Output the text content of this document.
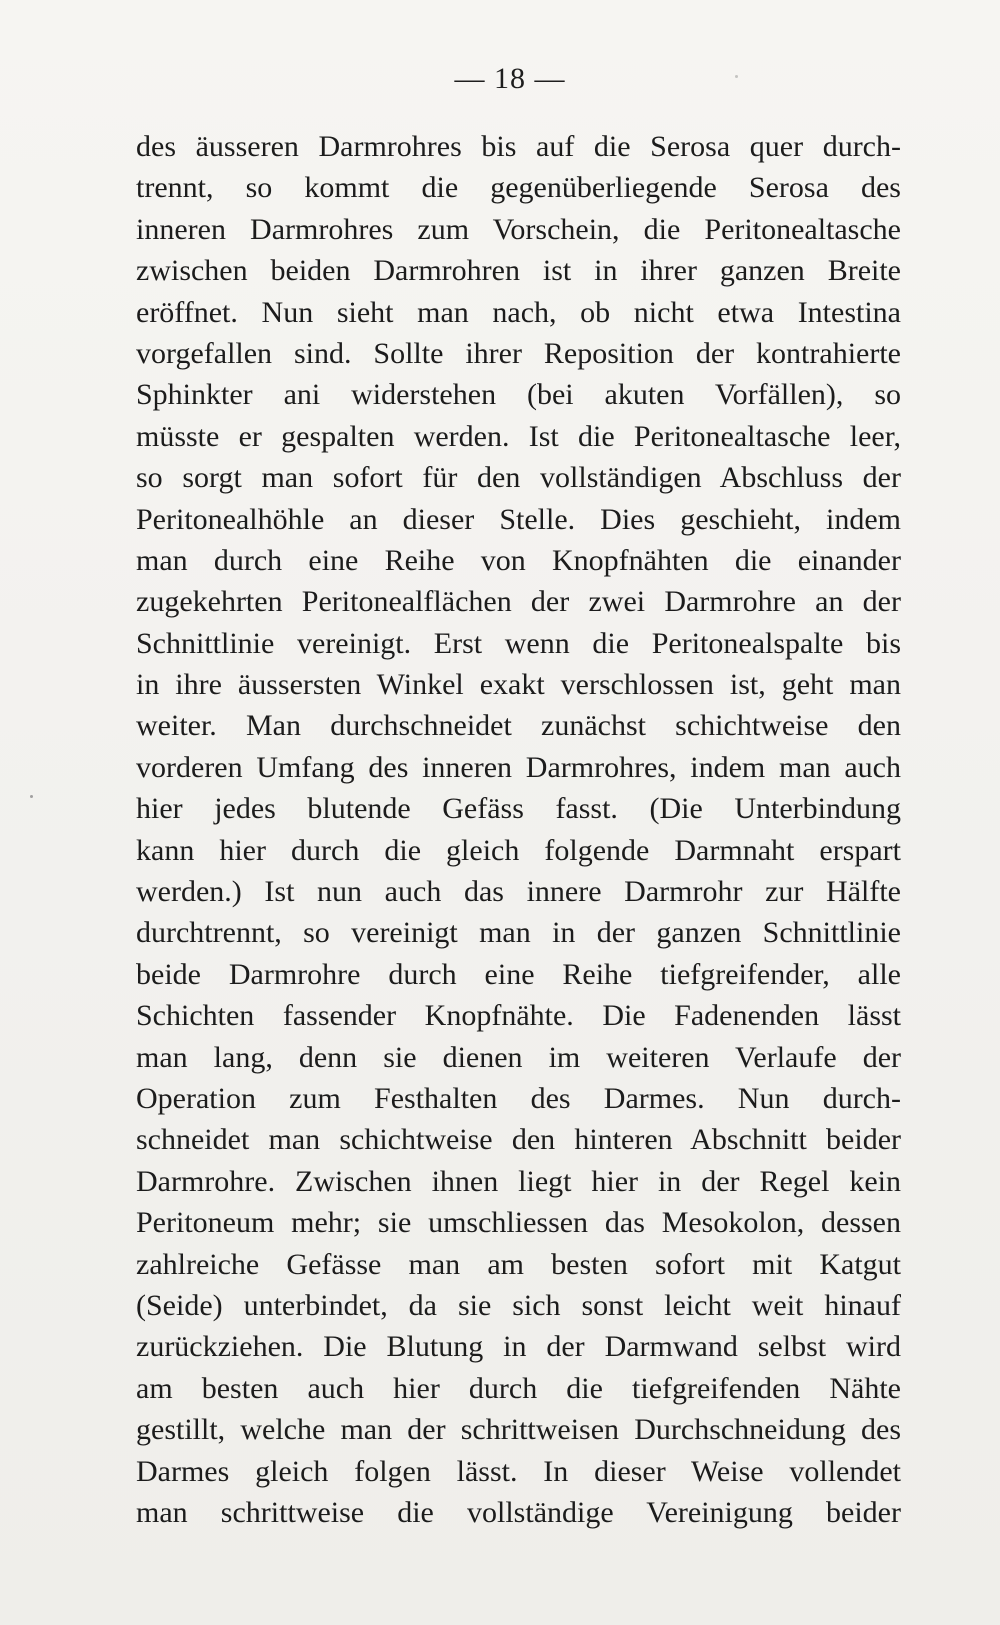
— 18 —
des äusseren Darmrohres bis auf die Serosa quer durch-
trennt, so kommt die gegenüberliegende Serosa des
inneren Darmrohres zum Vorschein, die Peritonealtasche
zwischen beiden Darmrohren ist in ihrer ganzen Breite
eröffnet. Nun sieht man nach, ob nicht etwa Intestina
vorgefallen sind. Sollte ihrer Reposition der kontrahierte
Sphinkter ani widerstehen (bei akuten Vorfällen), so
müsste er gespalten werden. Ist die Peritonealtasche leer,
so sorgt man sofort für den vollständigen Abschluss der
Peritonealhöhle an dieser Stelle. Dies geschieht, indem
man durch eine Reihe von Knopfnähten die einander
zugekehrten Peritonealflächen der zwei Darmrohre an der
Schnittlinie vereinigt. Erst wenn die Peritonealspalte bis
in ihre äussersten Winkel exakt verschlossen ist, geht man
weiter. Man durchschneidet zunächst schichtweise den
vorderen Umfang des inneren Darmrohres, indem man auch
hier jedes blutende Gefäss fasst. (Die Unterbindung
kann hier durch die gleich folgende Darmnaht erspart
werden.) Ist nun auch das innere Darmrohr zur Hälfte
durchtrennt, so vereinigt man in der ganzen Schnittlinie
beide Darmrohre durch eine Reihe tiefgreifender, alle
Schichten fassender Knopfnähte. Die Fadenenden lässt
man lang, denn sie dienen im weiteren Verlaufe der
Operation zum Festhalten des Darmes. Nun durch-
schneidet man schichtweise den hinteren Abschnitt beider
Darmrohre. Zwischen ihnen liegt hier in der Regel kein
Peritoneum mehr; sie umschliessen das Mesokolon, dessen
zahlreiche Gefässe man am besten sofort mit Katgut
(Seide) unterbindet, da sie sich sonst leicht weit hinauf
zurückziehen. Die Blutung in der Darmwand selbst wird
am besten auch hier durch die tiefgreifenden Nähte
gestillt, welche man der schrittweisen Durchschneidung des
Darmes gleich folgen lässt. In dieser Weise vollendet
man schrittweise die vollständige Vereinigung beider
